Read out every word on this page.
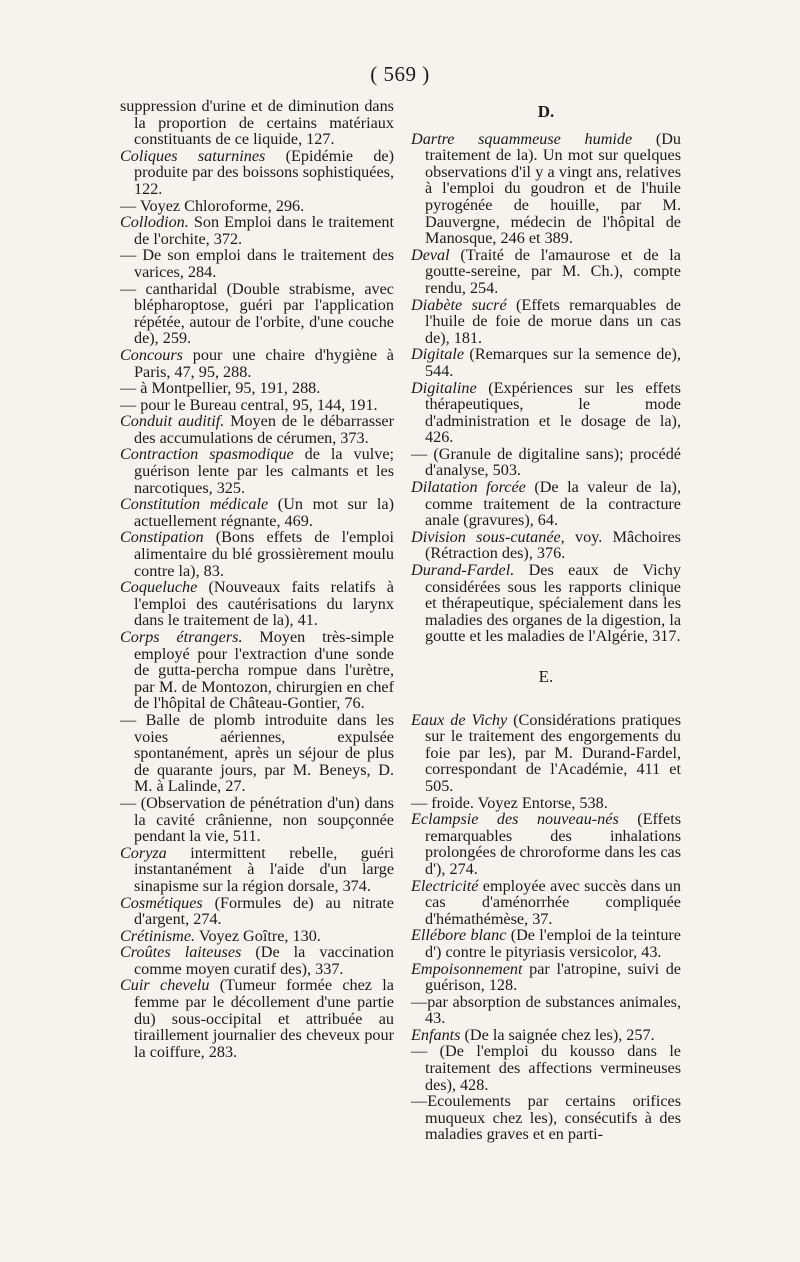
( 569 )

suppression d'urine et de diminution dans la proportion de certains matériaux constituants de ce liquide, 127.

Coliques saturnines (Epidémie de) produite par des boissons sophistiquées, 122.

— Voyez Chloroforme, 296.

Collodion. Son Emploi dans le traitement de l'orchite, 372.

— De son emploi dans le traitement des varices, 284.

— cantharidal (Double strabisme, avec blépharoptose, guéri par l'application répétée, autour de l'orbite, d'une couche de), 259.

Concours pour une chaire d'hygiène à Paris, 47, 95, 288.

— à Montpellier, 95, 191, 288.

— pour le Bureau central, 95, 144, 191.

Conduit auditif. Moyen de le débarrasser des accumulations de cérumen, 373.

Contraction spasmodique de la vulve; guérison lente par les calmants et les narcotiques, 325.

Constitution médicale (Un mot sur la) actuellement régnante, 469.

Constipation (Bons effets de l'emploi alimentaire du blé grossièrement moulu contre la), 83.

Coqueluche (Nouveaux faits relatifs à l'emploi des cautérisations du larynx dans le traitement de la), 41.

Corps étrangers. Moyen très-simple employé pour l'extraction d'une sonde de gutta-percha rompue dans l'urètre, par M. de Montozon, chirurgien en chef de l'hôpital de Château-Gontier, 76.

— Balle de plomb introduite dans les voies aériennes, expulsée spontanément, après un séjour de plus de quarante jours, par M. Beneys, D. M. à Lalinde, 27.

— (Observation de pénétration d'un) dans la cavité crânienne, non soupçonnée pendant la vie, 511.

Coryza intermittent rebelle, guéri instantanément à l'aide d'un large sinapisme sur la région dorsale, 374.

Cosmétiques (Formules de) au nitrate d'argent, 274.

Crétinisme. Voyez Goître, 130.

Croûtes laiteuses (De la vaccination comme moyen curatif des), 337.

Cuir chevelu (Tumeur formée chez la femme par le décollement d'une partie du) sous-occipital et attribuée au tiraillement journalier des cheveux pour la coiffure, 283.

D.

Dartre squammeuse humide (Du traitement de la). Un mot sur quelques observations d'il y a vingt ans, relatives à l'emploi du goudron et de l'huile pyrogénée de houille, par M. Dauvergne, médecin de l'hôpital de Manosque, 246 et 389.

Deval (Traité de l'amaurose et de la goutte-sereine, par M. Ch.), compte rendu, 254.

Diabète sucré (Effets remarquables de l'huile de foie de morue dans un cas de), 181.

Digitale (Remarques sur la semence de), 544.

Digitaline (Expériences sur les effets thérapeutiques, le mode d'administration et le dosage de la), 426.

— (Granule de digitaline sans); procédé d'analyse, 503.

Dilatation forcée (De la valeur de la), comme traitement de la contracture anale (gravures), 64.

Division sous-cutanée, voy. Mâchoires (Rétraction des), 376.

Durand-Fardel. Des eaux de Vichy considérées sous les rapports clinique et thérapeutique, spécialement dans les maladies des organes de la digestion, la goutte et les maladies de l'Algérie, 317.

E.

Eaux de Vichy (Considérations pratiques sur le traitement des engorgements du foie par les), par M. Durand-Fardel, correspondant de l'Académie, 411 et 505.

— froide. Voyez Entorse, 538.

Eclampsie des nouveau-nés (Effets remarquables des inhalations prolongées de chroroforme dans les cas d'), 274.

Electricité employée avec succès dans un cas d'aménorrhée compliquée d'hémathémèse, 37.

Ellébore blanc (De l'emploi de la teinture d') contre le pityriasis versicolor, 43.

Empoisonnement par l'atropine, suivi de guérison, 128.

—par absorption de substances animales, 43.

Enfants (De la saignée chez les), 257.

— (De l'emploi du kousso dans le traitement des affections vermineuses des), 428.

—Ecoulements par certains orifices muqueux chez les), consécutifs à des maladies graves et en parti-
